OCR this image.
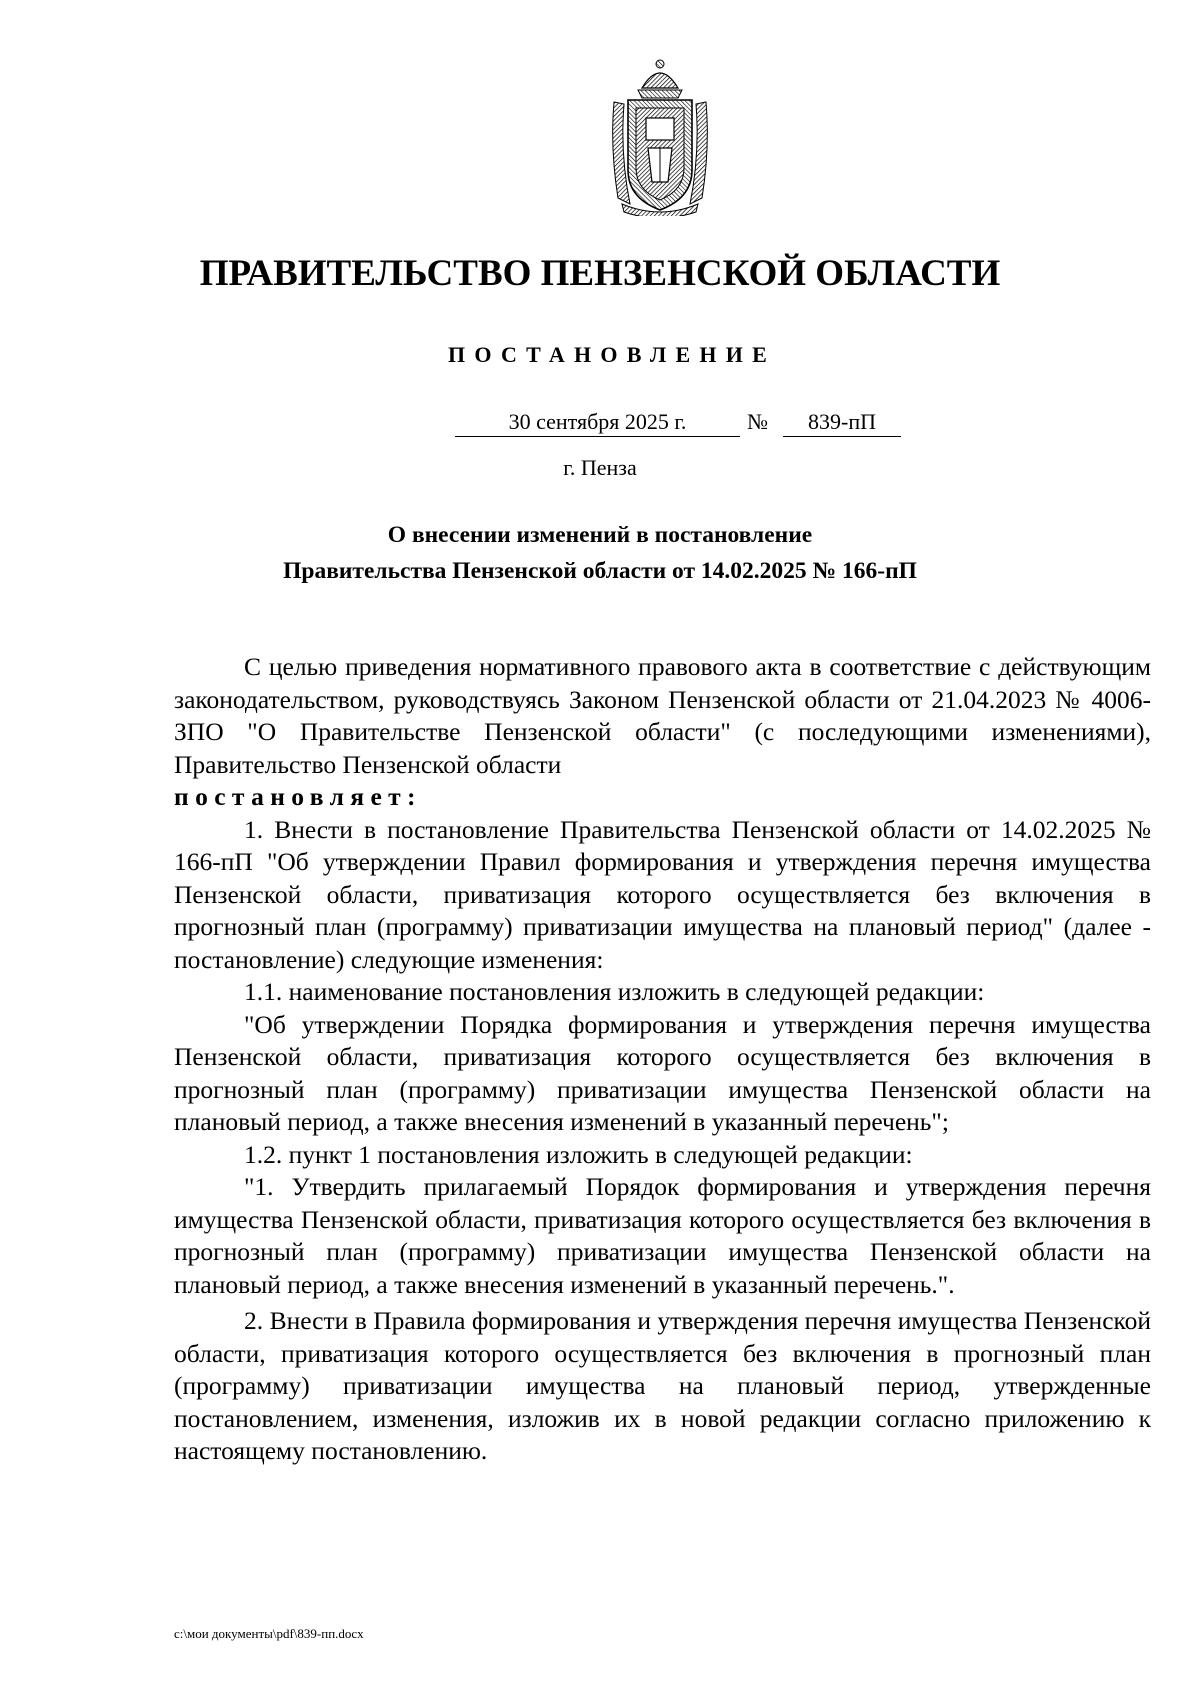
ПРАВИТЕЛЬСТВО ПЕНЗЕНСКОЙ ОБЛАСТИ
ПОСТАНОВЛЕНИЕ
30 сентября 2025 г.	№	839-пП
г. Пенза
О внесении изменений в постановление
Правительства Пензенской области от 14.02.2025 № 166-пП

С целью приведения нормативного правового акта в соответствие с действующим законодательством, руководствуясь Законом Пензенской области от 21.04.2023 № 4006-ЗПО "О Правительстве Пензенской области" (с последующими изменениями), Правительство Пензенской области

постановляет:

1. Внести в постановление Правительства Пензенской области от 14.02.2025 № 166-пП "Об утверждении Правил формирования и утверждения перечня имущества Пензенской области, приватизация которого осуществляется без включения в прогнозный план (программу) приватизации имущества на плановый период" (далее - постановление) следующие изменения:

1.1. наименование постановления изложить в следующей редакции:

"Об утверждении Порядка формирования и утверждения перечня имущества Пензенской области, приватизация которого осуществляется без включения в прогнозный план (программу) приватизации имущества Пензенской области на плановый период, а также внесения изменений в указанный перечень";

1.2. пункт 1 постановления изложить в следующей редакции:

"1. Утвердить прилагаемый Порядок формирования и утверждения перечня имущества Пензенской области, приватизация которого осуществляется без включения в прогнозный план (программу) приватизации имущества Пензенской области на плановый период, а также внесения изменений в указанный перечень.".

2. Внести в Правила формирования и утверждения перечня имущества Пензенской области, приватизация которого осуществляется без включения в прогнозный план (программу) приватизации имущества на плановый период, утвержденные постановлением, изменения, изложив их в новой редакции согласно приложению к настоящему постановлению.

c:\мои документы\pdf\839-пп.docx
